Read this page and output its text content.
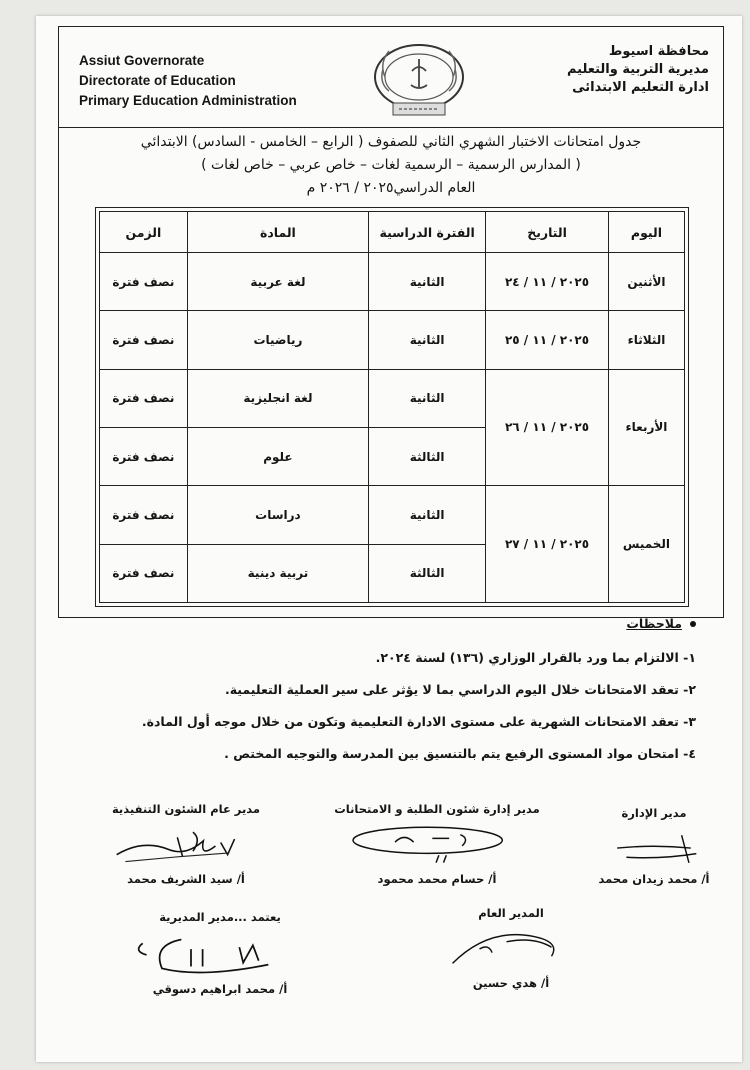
Assiut Governorate
Directorate of Education
Primary Education Administration
محافظة اسيوط
مديرية التربية والتعليم
ادارة التعليم الابتدائى
جدول امتحانات الاختبار الشهري الثاني للصفوف ( الرابع – الخامس - السادس) الابتدائي
( المدارس الرسمية – الرسمية لغات – خاص عربي – خاص لغات )
العام الدراسي٢٠٢٥ / ٢٠٢٦ م
اليوم	التاريخ	الفترة الدراسية	المادة	الزمن
الأثنين	٢٠٢٥ / ١١ / ٢٤	الثانية	لغة عربية	نصف فترة
الثلاثاء	٢٠٢٥ / ١١ / ٢٥	الثانية	رياضيات	نصف فترة
الأربعاء	٢٠٢٥ / ١١ / ٢٦	الثانية	لغة انجليزية	نصف فترة
		الثالثة	علوم	نصف فترة
الخميس	٢٠٢٥ / ١١ / ٢٧	الثانية	دراسات	نصف فترة
		الثالثة	تربية دينية	نصف فترة
ملاحظات
١- الالتزام بما ورد بالقرار الوزاري (١٣٦) لسنة ٢٠٢٤.
٢- تعقد الامتحانات خلال اليوم الدراسي بما لا يؤثر على سير العملية التعليمية.
٣- تعقد الامتحانات الشهرية على مستوى الادارة التعليمية وتكون من خلال موجه أول المادة.
٤- امتحان مواد المستوى الرفيع يتم بالتنسيق بين المدرسة والتوجيه المختص .
مدير عام الشئون التنفيذية
أ/ سيد الشريف محمد
مدير إدارة شئون الطلبة و الامتحانات
أ/ حسام محمد محمود
مدير الإدارة
أ/ محمد زيدان محمد
يعتمد ...مدير المديرية
أ/ محمد ابراهيم دسوقي
المدير العام
أ/ هدي حسين
